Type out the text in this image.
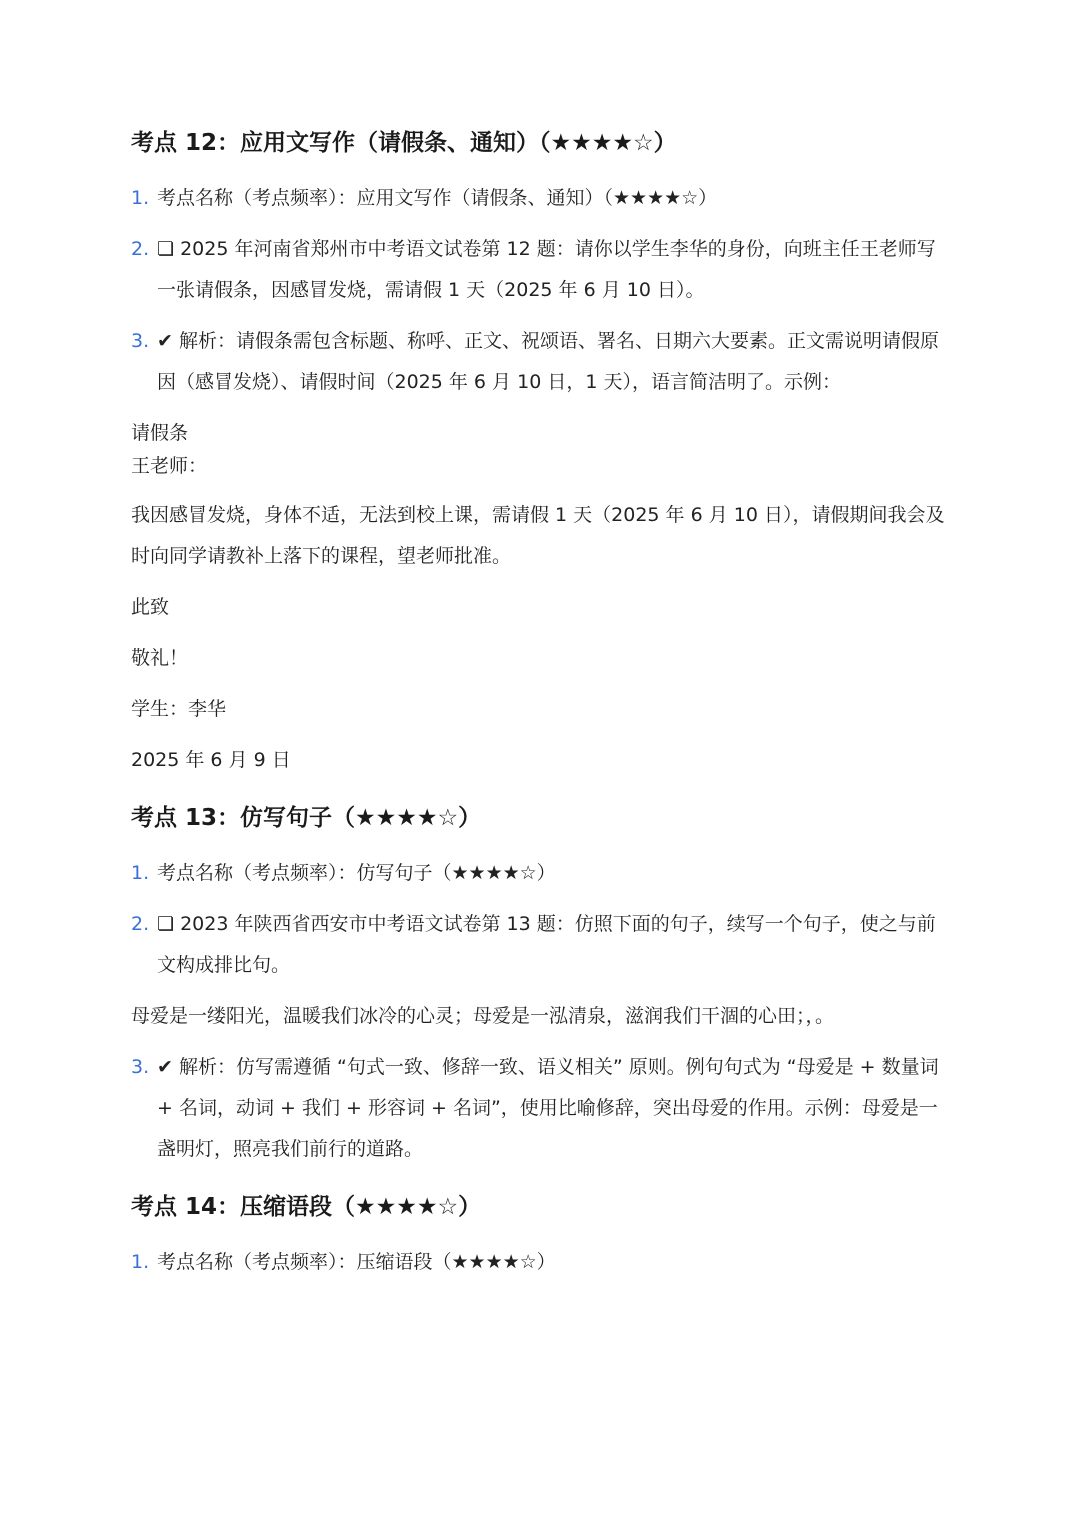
考点 12：应用文写作（请假条、通知）（★★★★☆）
1. 考点名称（考点频率）：应用文写作（请假条、通知）（★★★★☆）
2. ❏ 2025 年河南省郑州市中考语文试卷第 12 题：请你以学生李华的身份，向班主任王老师写一张请假条，因感冒发烧，需请假 1 天（2025 年 6 月 10 日）。
3. ✔ 解析：请假条需包含标题、称呼、正文、祝颂语、署名、日期六大要素。正文需说明请假原因（感冒发烧）、请假时间（2025 年 6 月 10 日，1 天），语言简洁明了。示例：

请假条

王老师：

我因感冒发烧，身体不适，无法到校上课，需请假 1 天（2025 年 6 月 10 日），请假期间我会及时向同学请教补上落下的课程，望老师批准。

此致

敬礼！

学生：李华

2025 年 6 月 9 日

考点 13：仿写句子（★★★★☆）
1. 考点名称（考点频率）：仿写句子（★★★★☆）
2. ❏ 2023 年陕西省西安市中考语文试卷第 13 题：仿照下面的句子，续写一个句子，使之与前文构成排比句。

母爱是一缕阳光，温暖我们冰冷的心灵；母爱是一泓清泉，滋润我们干涸的心田；，。

3. ✔ 解析：仿写需遵循 “句式一致、修辞一致、语义相关” 原则。例句句式为 “母爱是 + 数量词 + 名词，动词 + 我们 + 形容词 + 名词”，使用比喻修辞，突出母爱的作用。示例：母爱是一盏明灯，照亮我们前行的道路。
考点 14：压缩语段（★★★★☆）
1. 考点名称（考点频率）：压缩语段（★★★★☆）
